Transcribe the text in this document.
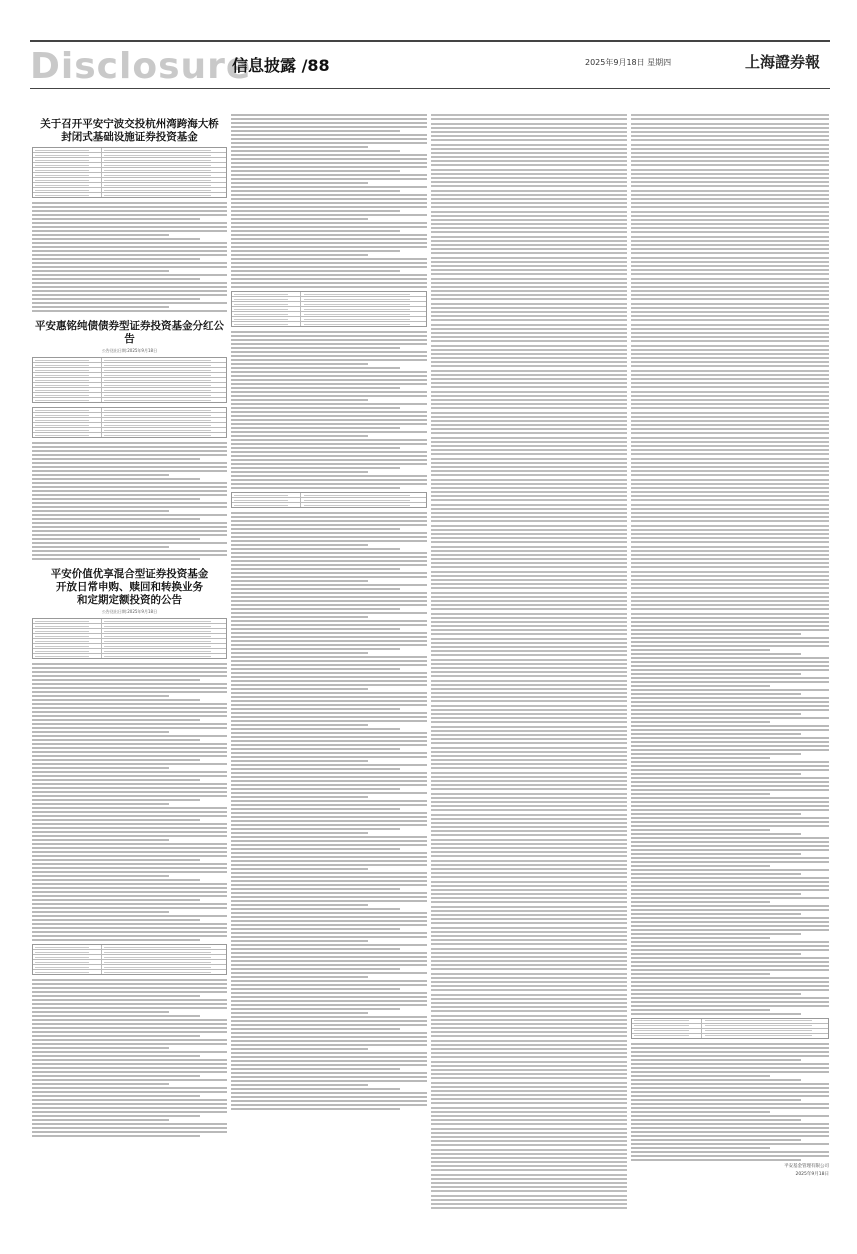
Disclosure
信息披露 /88	2025年9月18日 星期四	上海證券報
关于召开平安宁波交投杭州湾跨海大桥
封闭式基础设施证券投资基金
平安惠铭纯债债券型证券投资基金分红公告
公告送出日期:2025年9月18日
平安价值优享混合型证券投资基金
开放日常申购、赎回和转换业务
和定期定额投资的公告
公告送出日期:2025年9月18日
平安基金管理有限公司
2025年9月18日
